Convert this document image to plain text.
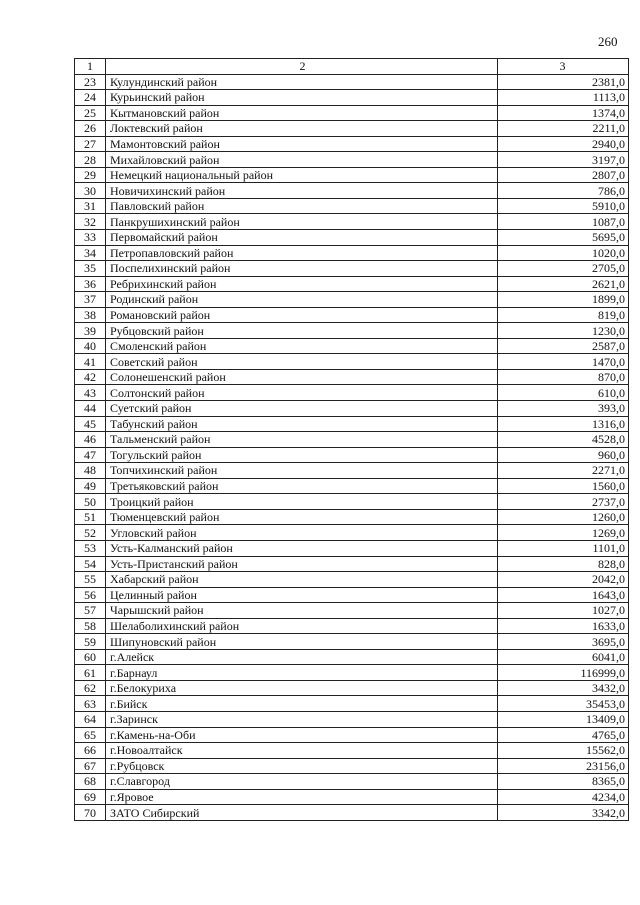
260
1	2	3
23	Кулундинский район	2381,0
24	Курьинский район	1113,0
25	Кытмановский район	1374,0
26	Локтевский район	2211,0
27	Мамонтовский район	2940,0
28	Михайловский район	3197,0
29	Немецкий национальный район	2807,0
30	Новичихинский район	786,0
31	Павловский район	5910,0
32	Панкрушихинский район	1087,0
33	Первомайский район	5695,0
34	Петропавловский район	1020,0
35	Поспелихинский район	2705,0
36	Ребрихинский район	2621,0
37	Родинский район	1899,0
38	Романовский район	819,0
39	Рубцовский район	1230,0
40	Смоленский район	2587,0
41	Советский район	1470,0
42	Солонешенский район	870,0
43	Солтонский район	610,0
44	Суетский район	393,0
45	Табунский район	1316,0
46	Тальменский район	4528,0
47	Тогульский район	960,0
48	Топчихинский район	2271,0
49	Третьяковский район	1560,0
50	Троицкий район	2737,0
51	Тюменцевский район	1260,0
52	Угловский район	1269,0
53	Усть-Калманский район	1101,0
54	Усть-Пристанский район	828,0
55	Хабарский район	2042,0
56	Целинный район	1643,0
57	Чарышский район	1027,0
58	Шелаболихинский район	1633,0
59	Шипуновский район	3695,0
60	г.Алейск	6041,0
61	г.Барнаул	116999,0
62	г.Белокуриха	3432,0
63	г.Бийск	35453,0
64	г.Заринск	13409,0
65	г.Камень-на-Оби	4765,0
66	г.Новоалтайск	15562,0
67	г.Рубцовск	23156,0
68	г.Славгород	8365,0
69	г.Яровое	4234,0
70	ЗАТО Сибирский	3342,0
